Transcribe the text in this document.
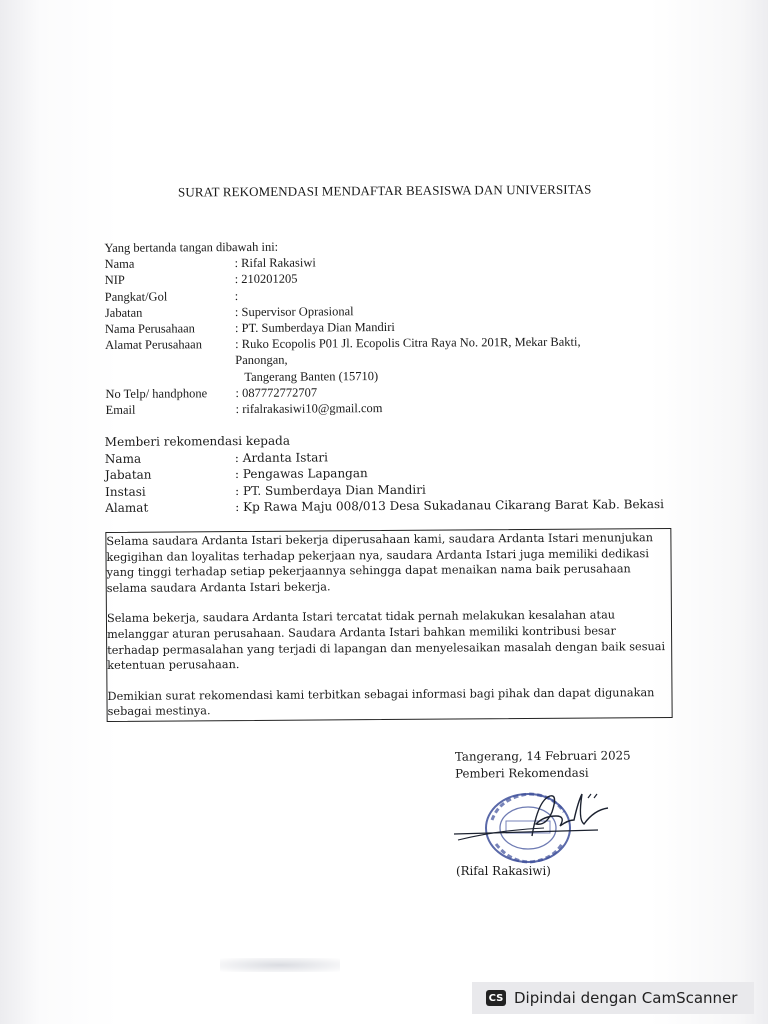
SURAT REKOMENDASI MENDAFTAR BEASISWA DAN UNIVERSITAS
Yang bertanda tangan dibawah ini:
Nama	: Rifal Rakasiwi
NIP	: 210201205
Pangkat/Gol	:
Jabatan	: Supervisor Oprasional
Nama Perusahaan	: PT. Sumberdaya Dian Mandiri
Alamat Perusahaan	: Ruko Ecopolis P01 Jl. Ecopolis Citra Raya No. 201R, Mekar Bakti, Panongan,
Tangerang Banten (15710)
No Telp/ handphone	: 087772772707
Email	: rifalrakasiwi10@gmail.com
Memberi rekomendasi kepada
Nama	: Ardanta Istari
Jabatan	: Pengawas Lapangan
Instasi	: PT. Sumberdaya Dian Mandiri
Alamat	: Kp Rawa Maju 008/013 Desa Sukadanau Cikarang Barat Kab. Bekasi

Selama saudara Ardanta Istari bekerja diperusahaan kami, saudara Ardanta Istari menunjukan kegigihan dan loyalitas terhadap pekerjaan nya, saudara Ardanta Istari juga memiliki dedikasi yang tinggi terhadap setiap pekerjaannya sehingga dapat menaikan nama baik perusahaan selama saudara Ardanta Istari bekerja.

Selama bekerja, saudara Ardanta Istari tercatat tidak pernah melakukan kesalahan atau melanggar aturan perusahaan. Saudara Ardanta Istari bahkan memiliki kontribusi besar terhadap permasalahan yang terjadi di lapangan dan menyelesaikan masalah dengan baik sesuai ketentuan perusahaan.

Demikian surat rekomendasi kami terbitkan sebagai informasi bagi pihak dan dapat digunakan sebagai mestinya.

Tangerang, 14 Februari 2025
Pemberi Rekomendasi
(Rifal Rakasiwi)
CS Dipindai dengan CamScanner
